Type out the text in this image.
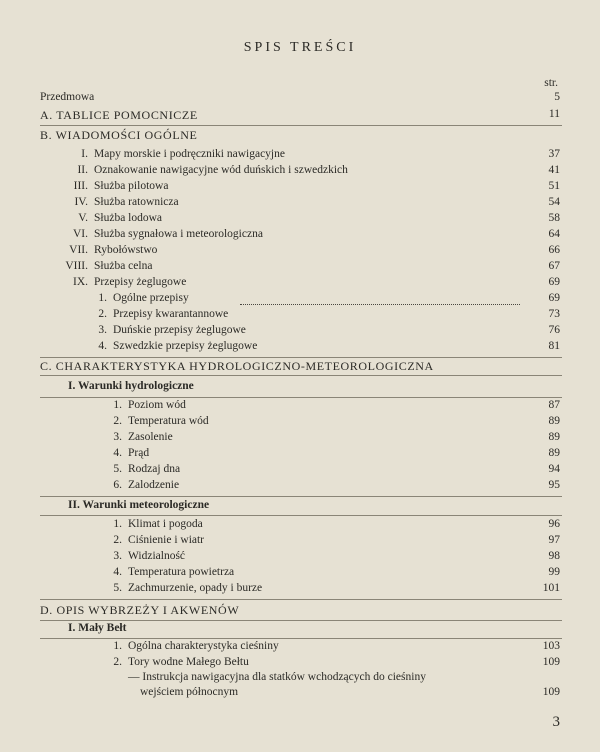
SPIS TREŚCI
str.
Przedmowa	5
A. TABLICE POMOCNICZE	11
B. WIADOMOŚCI OGÓLNE
I. Mapy morskie i podręczniki nawigacyjne	37
II. Oznakowanie nawigacyjne wód duńskich i szwedzkich	41
III. Służba pilotowa	51
IV. Służba ratownicza	54
V. Służba lodowa	58
VI. Służba sygnałowa i meteorologiczna	64
VII. Rybołówstwo	66
VIII. Służba celna	67
IX. Przepisy żeglugowe	69
1. Ogólne przepisy	69
2. Przepisy kwarantannowe	73
3. Duńskie przepisy żeglugowe	76
4. Szwedzkie przepisy żeglugowe	81
C. CHARAKTERYSTYKA HYDROLOGICZNO-METEOROLOGICZNA
I. Warunki hydrologiczne
1. Poziom wód	87
2. Temperatura wód	89
3. Zasolenie	89
4. Prąd	89
5. Rodzaj dna	94
6. Zalodzenie	95
II. Warunki meteorologiczne
1. Klimat i pogoda	96
2. Ciśnienie i wiatr	97
3. Widzialność	98
4. Temperatura powietrza	99
5. Zachmurzenie, opady i burze	101
D. OPIS WYBRZEŻY I AKWENÓW
I. Mały Bełt
1. Ogólna charakterystyka cieśniny	103
2. Tory wodne Małego Bełtu	109
— Instrukcja nawigacyjna dla statków wchodzących do cieśniny
wejściem północnym	109
3
